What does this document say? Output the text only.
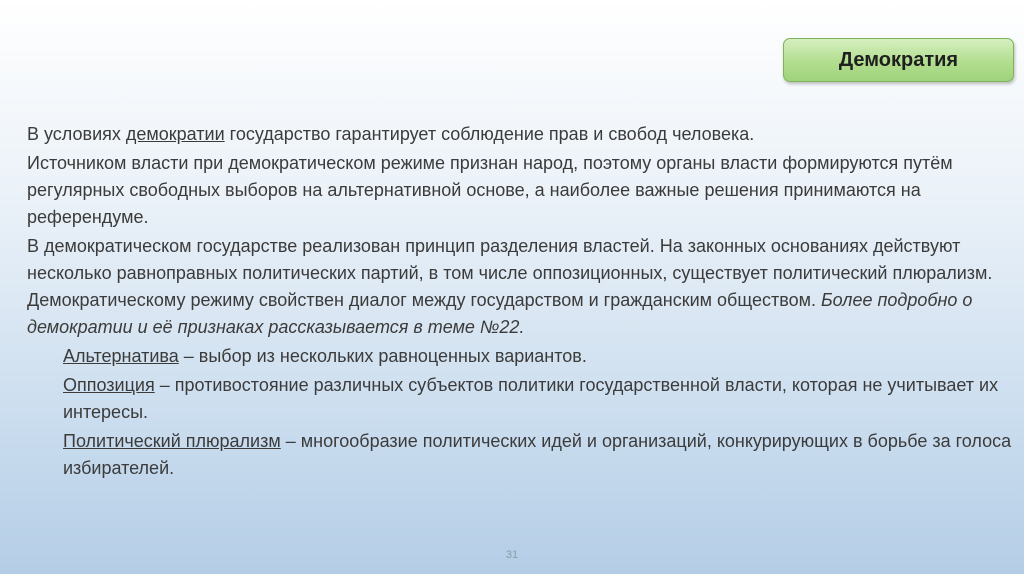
Демократия

В условиях демократии государство гарантирует соблюдение прав и свобод человека.

Источником власти при демократическом режиме признан народ, поэтому органы власти формируются путём регулярных свободных выборов на альтернативной основе, а наиболее важные решения принимаются на референдуме.

В демократическом государстве реализован принцип разделения властей. На законных основаниях действуют несколько равноправных политических партий, в том числе оппозиционных, существует политический плюрализм. Демократическому режиму свойствен диалог между государством и гражданским обществом. Более подробно о демократии и её признаках рассказывается в теме №22.

Альтернатива – выбор из нескольких равноценных вариантов.

Оппозиция – противостояние различных субъектов политики государственной власти, которая не учитывает их интересы.

Политический плюрализм – многообразие политических идей и организаций, конкурирующих в борьбе за голоса избирателей.

31
